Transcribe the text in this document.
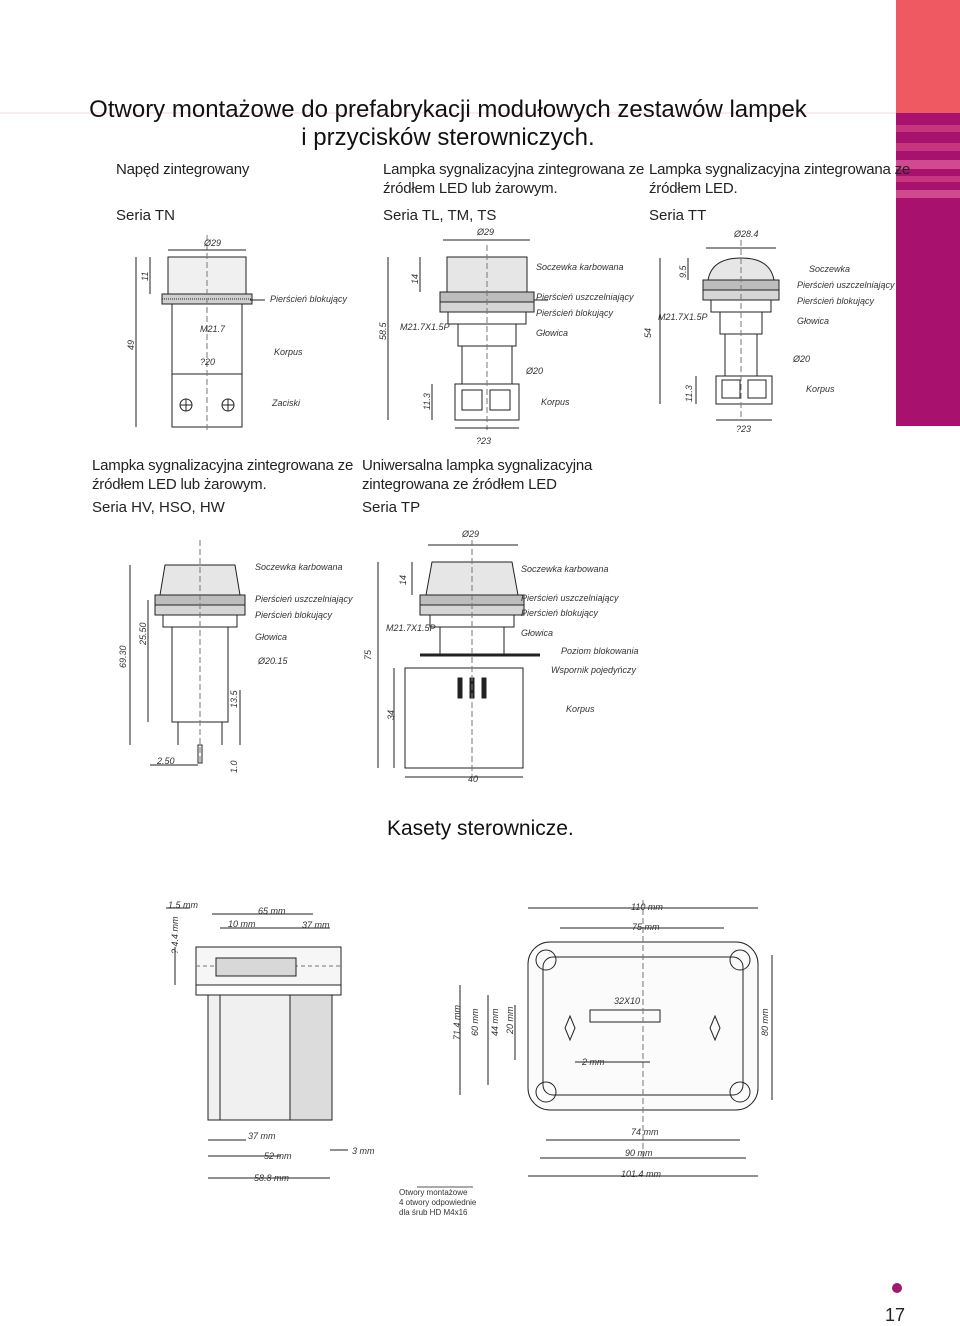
Otwory montażowe do prefabrykacji modułowych zestawów lampek
i przycisków sterowniczych.
Napęd zintegrowany
Seria TN
Lampka sygnalizacyjna zintegrowana ze
źródłem LED lub żarowym.
Seria TL, TM, TS
Lampka sygnalizacyjna zintegrowana ze
źródłem LED.
Seria TT
Lampka sygnalizacyjna zintegrowana ze
źródłem LED lub żarowym.
Seria HV, HSO, HW
Uniwersalna lampka sygnalizacyjna
zintegrowana ze źródłem LED
Seria TP
Ø29
11
49
M21.7
?20
Pierścień blokujący
Korpus
Zaciski
Ø29
Soczewka karbowana
Pierścień uszczelniający
Pierścień blokujący
Głowica
14
58.5 M21.7X1.5P
Ø20
11.3	Korpus
?23
Ø28.4
Soczewka
Pierścień uszczelniający
Pierścień blokujący
Głowica
9.5
54
M21.7X1.5P
Ø20
11.3	Korpus
?23
Soczewka karbowana
Pierścień uszczelniający
Pierścień blokujący
Głowica
Ø20.15
69.30
25.50
13.5
2.50	1.0
Ø29
Soczewka karbowana
Pierścień uszczelniający
Pierścień blokujący
Głowica
Poziom blokowania
Wspornik pojedyńczy
Korpus
M21.7X1.5P
14
75
34
40
Kasety sterownicze.
1.5 mm
? 4.4 mm
65 mm
10 mm	37 mm
37 mm
52 mm	3 mm
58.8 mm
110 mm
75 mm
71.4 mm 60 mm 44 mm 20 mm	80 mm
32X10
2 mm
74 mm
90 mm
101.4 mm
Otwory montażowe
4 otwory odpowiednie
dla śrub HD M4x16
17
